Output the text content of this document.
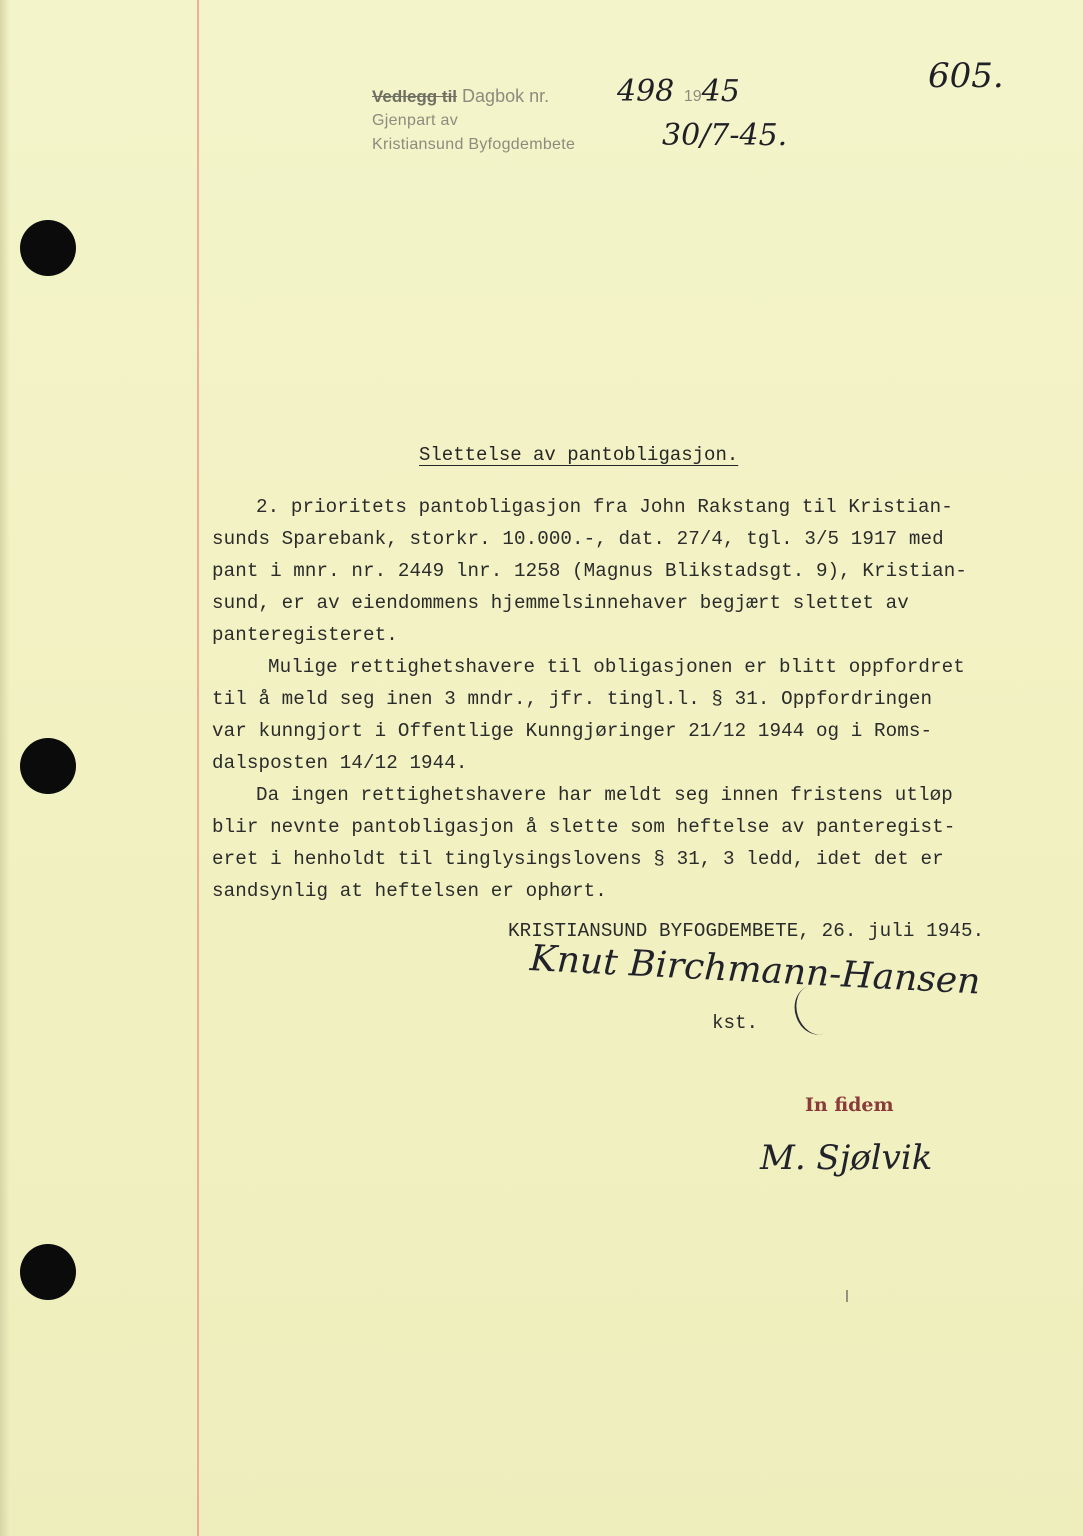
605.
Vedlegg til Dagbok nr.
Gjenpart av
Kristiansund Byfogdembete
498 1945
30/7-45.
Slettelse av pantobligasjon.
2. prioritets pantobligasjon fra John Rakstang til Kristian-
sunds Sparebank, storkr. 10.000.-, dat. 27/4, tgl. 3/5 1917 med
pant i mnr. nr. 2449 lnr. 1258 (Magnus Blikstadsgt. 9), Kristian-
sund, er av eiendommens hjemmelsinnehaver begjært slettet av
panteregisteret.
Mulige rettighetshavere til obligasjonen er blitt oppfordret
til å meld seg inen 3 mndr., jfr. tingl.l. § 31. Oppfordringen
var kunngjort i Offentlige Kunngjøringer 21/12 1944 og i Roms-
dalsposten 14/12 1944.
Da ingen rettighetshavere har meldt seg innen fristens utløp
blir nevnte pantobligasjon å slette som heftelse av panteregist-
eret i henholdt til tinglysingslovens § 31, 3 ledd, idet det er
sandsynlig at heftelsen er ophørt.
KRISTIANSUND BYFOGDEMBETE, 26. juli 1945.
Knut Birchmann-Hansen
kst.
In fidem
M. Sjølvik
